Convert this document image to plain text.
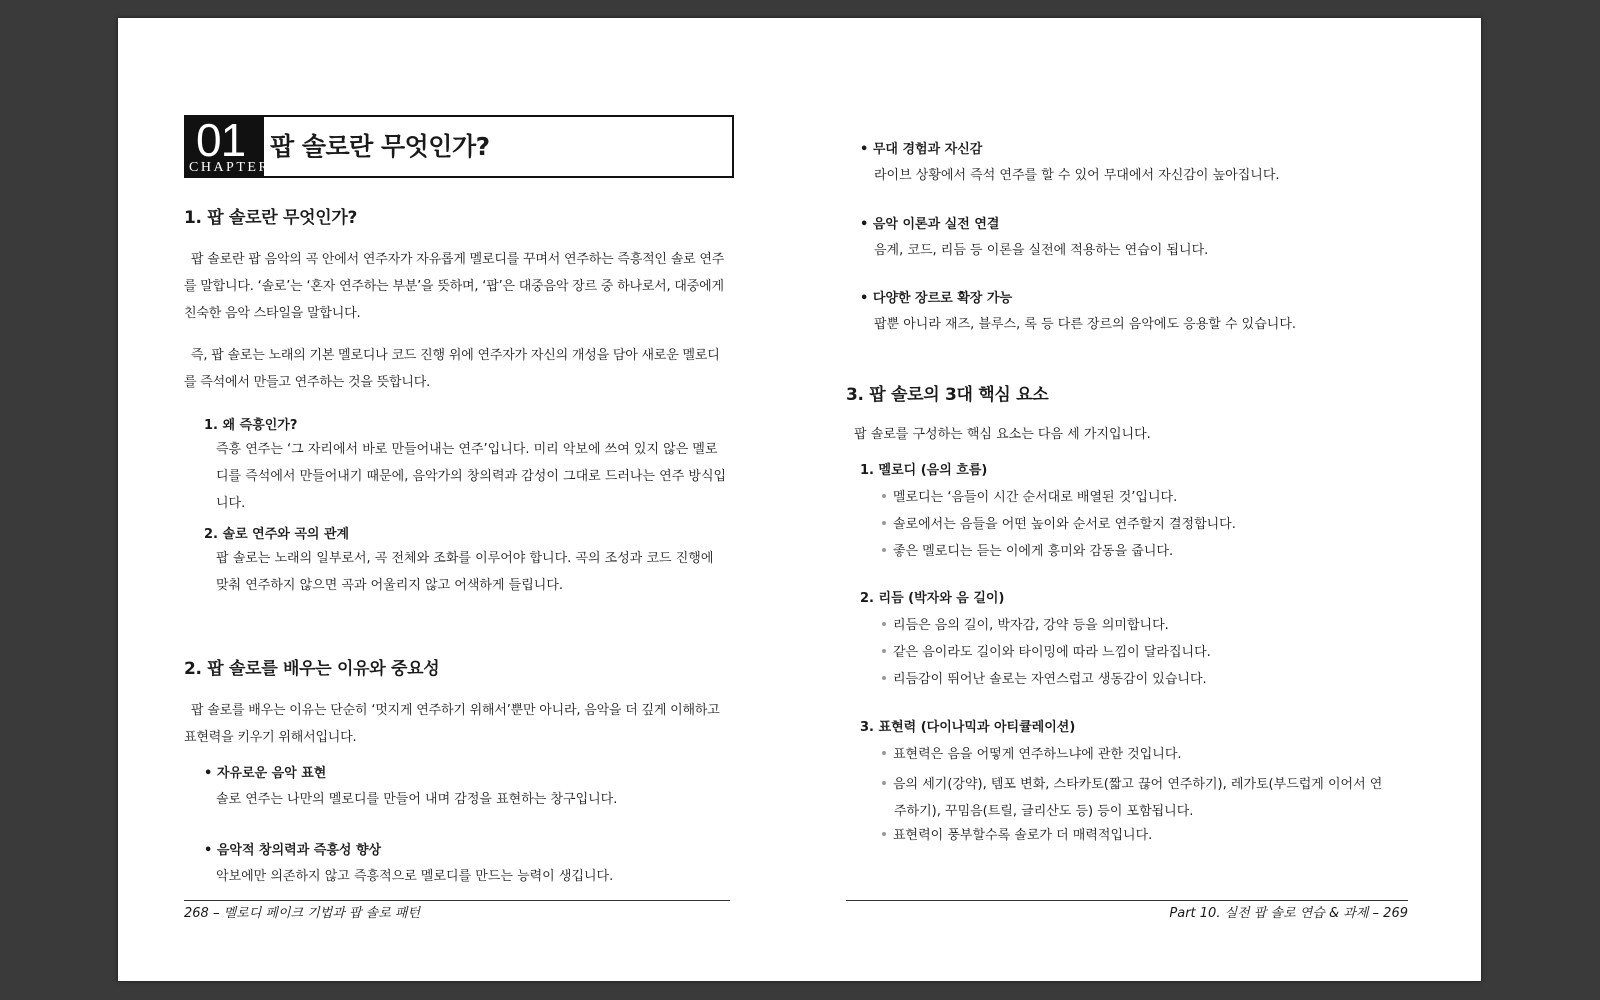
01
CHAPTER
팝 솔로란 무엇인가?
1. 팝 솔로란 무엇인가?
팝 솔로란 팝 음악의 곡 안에서 연주자가 자유롭게 멜로디를 꾸며서 연주하는 즉흥적인 솔로 연주를 말합니다. ‘솔로’는 ‘혼자 연주하는 부분’을 뜻하며, ‘팝’은 대중음악 장르 중 하나로서, 대중에게 친숙한 음악 스타일을 말합니다.
즉, 팝 솔로는 노래의 기본 멜로디나 코드 진행 위에 연주자가 자신의 개성을 담아 새로운 멜로디를 즉석에서 만들고 연주하는 것을 뜻합니다.
1. 왜 즉흥인가?
즉흥 연주는 ‘그 자리에서 바로 만들어내는 연주’입니다. 미리 악보에 쓰여 있지 않은 멜로디를 즉석에서 만들어내기 때문에, 음악가의 창의력과 감성이 그대로 드러나는 연주 방식입니다.
2. 솔로 연주와 곡의 관계
팝 솔로는 노래의 일부로서, 곡 전체와 조화를 이루어야 합니다. 곡의 조성과 코드 진행에 맞춰 연주하지 않으면 곡과 어울리지 않고 어색하게 들립니다.
2. 팝 솔로를 배우는 이유와 중요성
팝 솔로를 배우는 이유는 단순히 ‘멋지게 연주하기 위해서’뿐만 아니라, 음악을 더 깊게 이해하고 표현력을 키우기 위해서입니다.
• 자유로운 음악 표현
솔로 연주는 나만의 멜로디를 만들어 내며 감정을 표현하는 창구입니다.
• 음악적 창의력과 즉흥성 향상
악보에만 의존하지 않고 즉흥적으로 멜로디를 만드는 능력이 생깁니다.
268 – 멜로디 페이크 기법과 팝 솔로 패턴
• 무대 경험과 자신감
라이브 상황에서 즉석 연주를 할 수 있어 무대에서 자신감이 높아집니다.
• 음악 이론과 실전 연결
음계, 코드, 리듬 등 이론을 실전에 적용하는 연습이 됩니다.
• 다양한 장르로 확장 가능
팝뿐 아니라 재즈, 블루스, 록 등 다른 장르의 음악에도 응용할 수 있습니다.
3. 팝 솔로의 3대 핵심 요소
팝 솔로를 구성하는 핵심 요소는 다음 세 가지입니다.
1. 멜로디 (음의 흐름)
멜로디는 ‘음들이 시간 순서대로 배열된 것’입니다.
솔로에서는 음들을 어떤 높이와 순서로 연주할지 결정합니다.
좋은 멜로디는 듣는 이에게 흥미와 감동을 줍니다.
2. 리듬 (박자와 음 길이)
리듬은 음의 길이, 박자감, 강약 등을 의미합니다.
같은 음이라도 길이와 타이밍에 따라 느낌이 달라집니다.
리듬감이 뛰어난 솔로는 자연스럽고 생동감이 있습니다.
3. 표현력 (다이나믹과 아티큘레이션)
표현력은 음을 어떻게 연주하느냐에 관한 것입니다.
음의 세기(강약), 템포 변화, 스타카토(짧고 끊어 연주하기), 레가토(부드럽게 이어서 연주하기), 꾸밈음(트릴, 글리산도 등) 등이 포함됩니다.
표현력이 풍부할수록 솔로가 더 매력적입니다.
Part 10. 실전 팝 솔로 연습 & 과제 – 269
